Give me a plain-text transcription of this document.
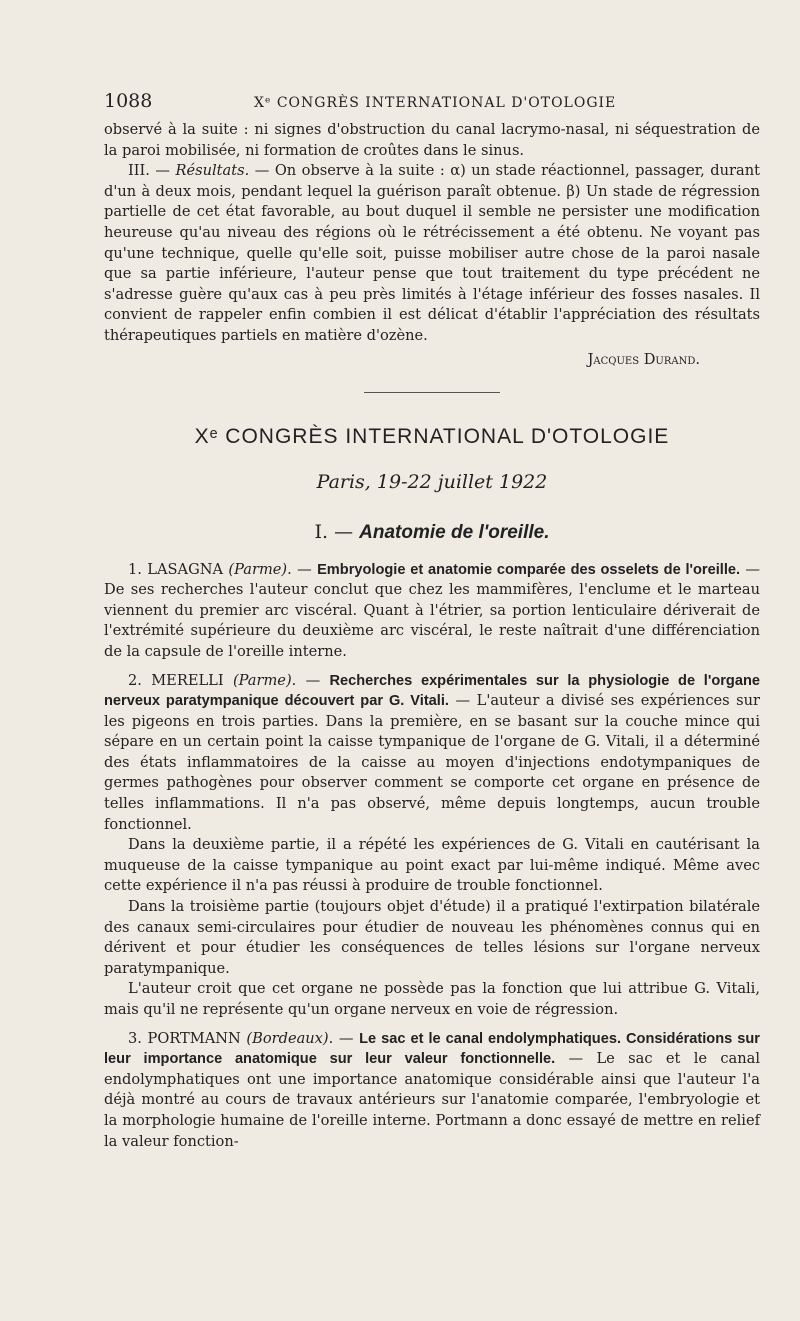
1088	Xᵉ CONGRÈS INTERNATIONAL D'OTOLOGIE

observé à la suite : ni signes d'obstruction du canal lacrymo-nasal, ni séquestration de la paroi mobilisée, ni formation de croûtes dans le sinus.

III. — Résultats. — On observe à la suite : α) un stade réactionnel, passager, durant d'un à deux mois, pendant lequel la guérison paraît obtenue. β) Un stade de régression partielle de cet état favorable, au bout duquel il semble ne persister une modification heureuse qu'au niveau des régions où le rétrécissement a été obtenu. Ne voyant pas qu'une technique, quelle qu'elle soit, puisse mobiliser autre chose de la paroi nasale que sa partie inférieure, l'auteur pense que tout traitement du type précédent ne s'adresse guère qu'aux cas à peu près limités à l'étage inférieur des fosses nasales. Il convient de rappeler enfin combien il est délicat d'établir l'appréciation des résultats thérapeutiques partiels en matière d'ozène.

Jacques Durand.
Xᵉ CONGRÈS INTERNATIONAL D'OTOLOGIE
Paris, 19-22 juillet 1922
I. — Anatomie de l'oreille.

1. LASAGNA (Parme). — Embryologie et anatomie comparée des osselets de l'oreille. — De ses recherches l'auteur conclut que chez les mammifères, l'enclume et le marteau viennent du premier arc viscéral. Quant à l'étrier, sa portion lenticulaire dériverait de l'extrémité supérieure du deuxième arc viscéral, le reste naîtrait d'une différenciation de la capsule de l'oreille interne.

2. MERELLI (Parme). — Recherches expérimentales sur la physiologie de l'organe nerveux paratympanique découvert par G. Vitali. — L'auteur a divisé ses expériences sur les pigeons en trois parties. Dans la première, en se basant sur la couche mince qui sépare en un certain point la caisse tympanique de l'organe de G. Vitali, il a déterminé des états inflammatoires de la caisse au moyen d'injections endotympaniques de germes pathogènes pour observer comment se comporte cet organe en présence de telles inflammations. Il n'a pas observé, même depuis longtemps, aucun trouble fonctionnel.

Dans la deuxième partie, il a répété les expériences de G. Vitali en cautérisant la muqueuse de la caisse tympanique au point exact par lui-même indiqué. Même avec cette expérience il n'a pas réussi à produire de trouble fonctionnel.

Dans la troisième partie (toujours objet d'étude) il a pratiqué l'extirpation bilatérale des canaux semi-circulaires pour étudier de nouveau les phénomènes connus qui en dérivent et pour étudier les conséquences de telles lésions sur l'organe nerveux paratympanique.

L'auteur croit que cet organe ne possède pas la fonction que lui attribue G. Vitali, mais qu'il ne représente qu'un organe nerveux en voie de régression.

3. PORTMANN (Bordeaux). — Le sac et le canal endolymphatiques. Considérations sur leur importance anatomique sur leur valeur fonctionnelle. — Le sac et le canal endolymphatiques ont une importance anatomique considérable ainsi que l'auteur l'a déjà montré au cours de travaux antérieurs sur l'anatomie comparée, l'embryologie et la morphologie humaine de l'oreille interne. Portmann a donc essayé de mettre en relief la valeur fonction-
